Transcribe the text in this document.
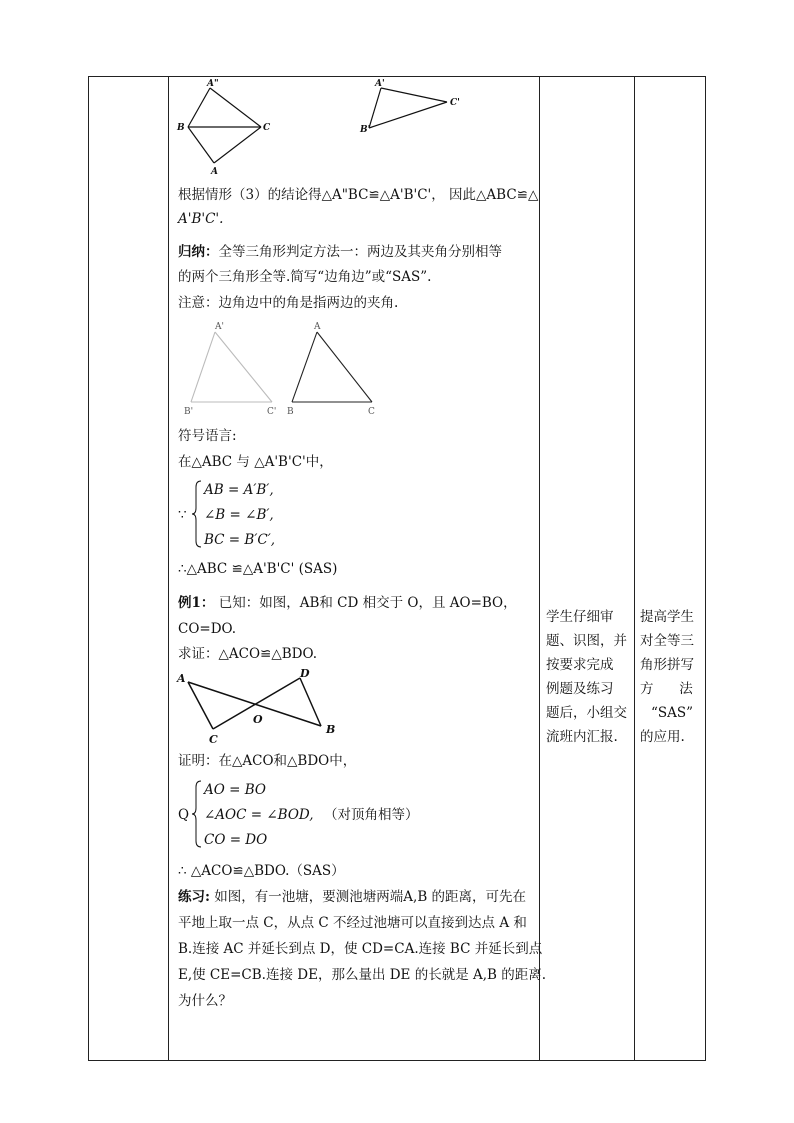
A"
B	C
A
A'
C'
B'
根据情形（3）的结论得△A"BC≌△A'B'C'， 因此△ABC≌△
A'B'C'.
归纳：全等三角形判定方法一：两边及其夹角分别相等
的两个三角形全等.简写“边角边”或“SAS”.
注意：边角边中的角是指两边的夹角.
A'
B'	C'
A
B	C
符号语言:
在△ABC 与 △A'B'C'中，
∵
AB = A′B′,
∠B = ∠B′,
BC = B′C′,
∴△ABC ≌△A'B'C' (SAS)
例1： 已知：如图，AB和 CD 相交于 O，且 AO=BO，
CO=DO.
求证：△ACO≌△BDO.
A	D
O
C
B
证明：在△ACO和△BDO中，
Q
AO = BO
∠AOC = ∠BOD, （对顶角相等）
CO = DO
∴ △ACO≌△BDO.（SAS）
练习: 如图，有一池塘，要测池塘两端A,B 的距离，可先在
平地上取一点 C，从点 C 不经过池塘可以直接到达点 A 和
B.连接 AC 并延长到点 D，使 CD=CA.连接 BC 并延长到点
E,使 CE=CB.连接 DE，那么量出 DE 的长就是 A,B 的距离.
为什么？
学生仔细审
题、识图，并
按要求完成
例题及练习
题后，小组交
流班内汇报.
提高学生
对全等三
角形拼写
方      法
“SAS”
的应用.
